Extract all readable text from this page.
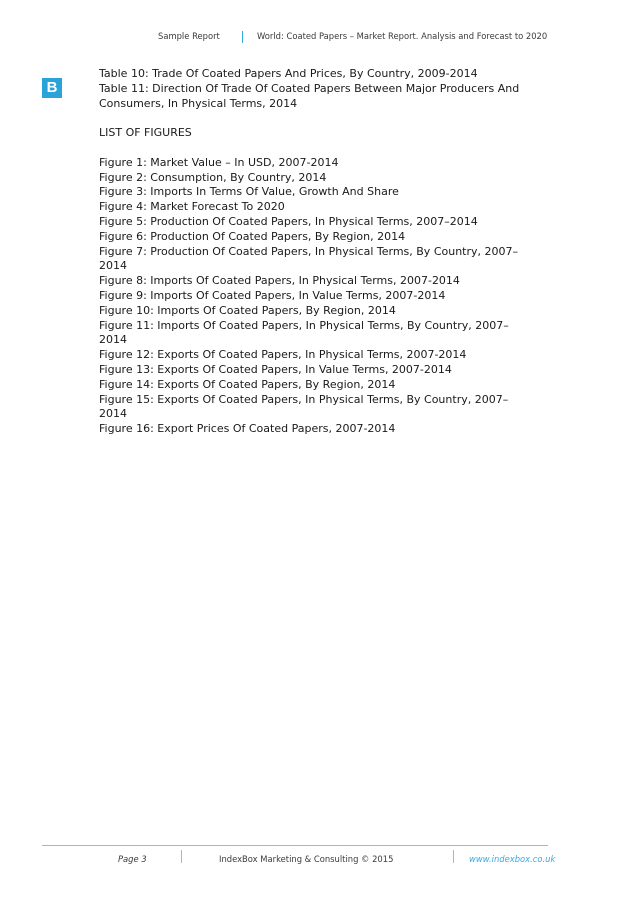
Sample Report	World: Coated Papers – Market Report. Analysis and Forecast to 2020
B
Table 10: Trade Of Coated Papers And Prices, By Country, 2009-2014
Table 11: Direction Of Trade Of Coated Papers Between Major Producers And
Consumers, In Physical Terms, 2014
LIST OF FIGURES
Figure 1: Market Value – In USD, 2007-2014
Figure 2: Consumption, By Country, 2014
Figure 3: Imports In Terms Of Value, Growth And Share
Figure 4: Market Forecast To 2020
Figure 5: Production Of Coated Papers, In Physical Terms, 2007–2014
Figure 6: Production Of Coated Papers, By Region, 2014
Figure 7: Production Of Coated Papers, In Physical Terms, By Country, 2007–
2014
Figure 8: Imports Of Coated Papers, In Physical Terms, 2007-2014
Figure 9: Imports Of Coated Papers, In Value Terms, 2007-2014
Figure 10: Imports Of Coated Papers, By Region, 2014
Figure 11: Imports Of Coated Papers, In Physical Terms, By Country, 2007–
2014
Figure 12: Exports Of Coated Papers, In Physical Terms, 2007-2014
Figure 13: Exports Of Coated Papers, In Value Terms, 2007-2014
Figure 14: Exports Of Coated Papers, By Region, 2014
Figure 15: Exports Of Coated Papers, In Physical Terms, By Country, 2007–
2014
Figure 16: Export Prices Of Coated Papers, 2007-2014
Page 3	IndexBox Marketing & Consulting © 2015	www.indexbox.co.uk
